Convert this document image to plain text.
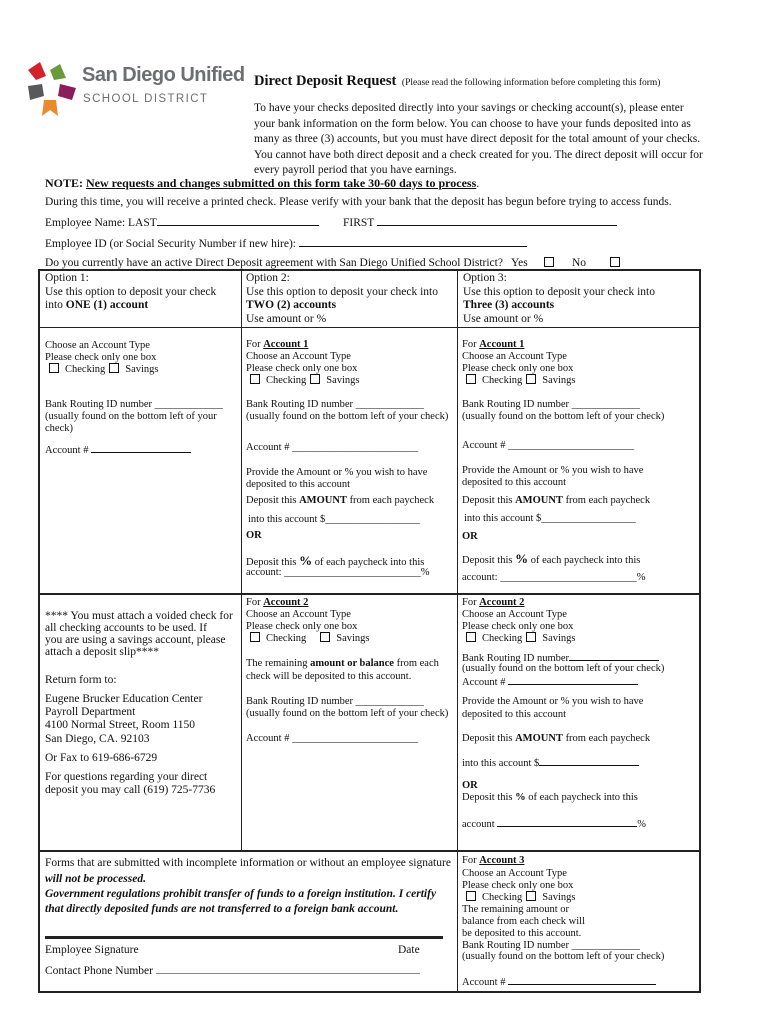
San Diego Unified
SCHOOL DISTRICT
Direct Deposit Request (Please read the following information before completing this form)
To have your checks deposited directly into your savings or checking account(s), please enter
your bank information on the form below. You can choose to have your funds deposited into as
many as three (3) accounts, but you must have direct deposit for the total amount of your checks.
You cannot have both direct deposit and a check created for you. The direct deposit will occur for
every payroll period that you have earnings.
NOTE: New requests and changes submitted on this form take 30-60 days to process.
During this time, you will receive a printed check. Please verify with your bank that the deposit has begun before trying to access funds.
Employee Name: LAST	FIRST
Employee ID (or Social Security Number if new hire):
Do you currently have an active Direct Deposit agreement with San Diego Unified School District? Yes	No
Option 1:
Use this option to deposit your check
into ONE (1) account
Option 2:
Use this option to deposit your check into
TWO (2) accounts
Use amount or %
Option 3:
Use this option to deposit your check into
Three (3) accounts
Use amount or %
Choose an Account Type
Please check only one box
Checking Savings
Bank Routing ID number _____________
(usually found on the bottom left of your
check)
Account #
For Account 1
Choose an Account Type
Please check only one box
Checking Savings
Bank Routing ID number _____________
(usually found on the bottom left of your check)
Account # ________________________
Provide the Amount or % you wish to have
deposited to this account
Deposit this AMOUNT from each paycheck
into this account $__________________
OR
Deposit this % of each paycheck into this
account: __________________________%
For Account 1
Choose an Account Type
Please check only one box
Checking Savings
Bank Routing ID number _____________
(usually found on the bottom left of your check)
Account # ________________________
Provide the Amount or % you wish to have
deposited to this account
Deposit this AMOUNT from each paycheck
into this account $__________________
OR
Deposit this % of each paycheck into this
account: __________________________%
**** You must attach a voided check for
all checking accounts to be used. If
you are using a savings account, please
attach a deposit slip****
Return form to:
Eugene Brucker Education Center
Payroll Department
4100 Normal Street, Room 1150
San Diego, CA. 92103
Or Fax to 619-686-6729
For questions regarding your direct
deposit you may call (619) 725-7736
For Account 2
Choose an Account Type
Please check only one box
Checking	Savings
The remaining amount or balance from each
check will be deposited to this account.
Bank Routing ID number _____________
(usually found on the bottom left of your check)
Account # ________________________
For Account 2
Choose an Account Type
Please check only one box
Checking Savings
Bank Routing ID number
(usually found on the bottom left of your check)
Account #
Provide the Amount or % you wish to have
deposited to this account
Deposit this AMOUNT from each paycheck
into this account $
OR
Deposit this % of each paycheck into this
account	%
Forms that are submitted with incomplete information or without an employee signature
will not be processed.
Government regulations prohibit transfer of funds to a foreign institution. I certify
that directly deposited funds are not transferred to a foreign bank account.
Employee Signature	Date
Contact Phone Number
For Account 3
Choose an Account Type
Please check only one box
Checking Savings
The remaining amount or
balance from each check will
be deposited to this account.
Bank Routing ID number _____________
(usually found on the bottom left of your check)
Account #
